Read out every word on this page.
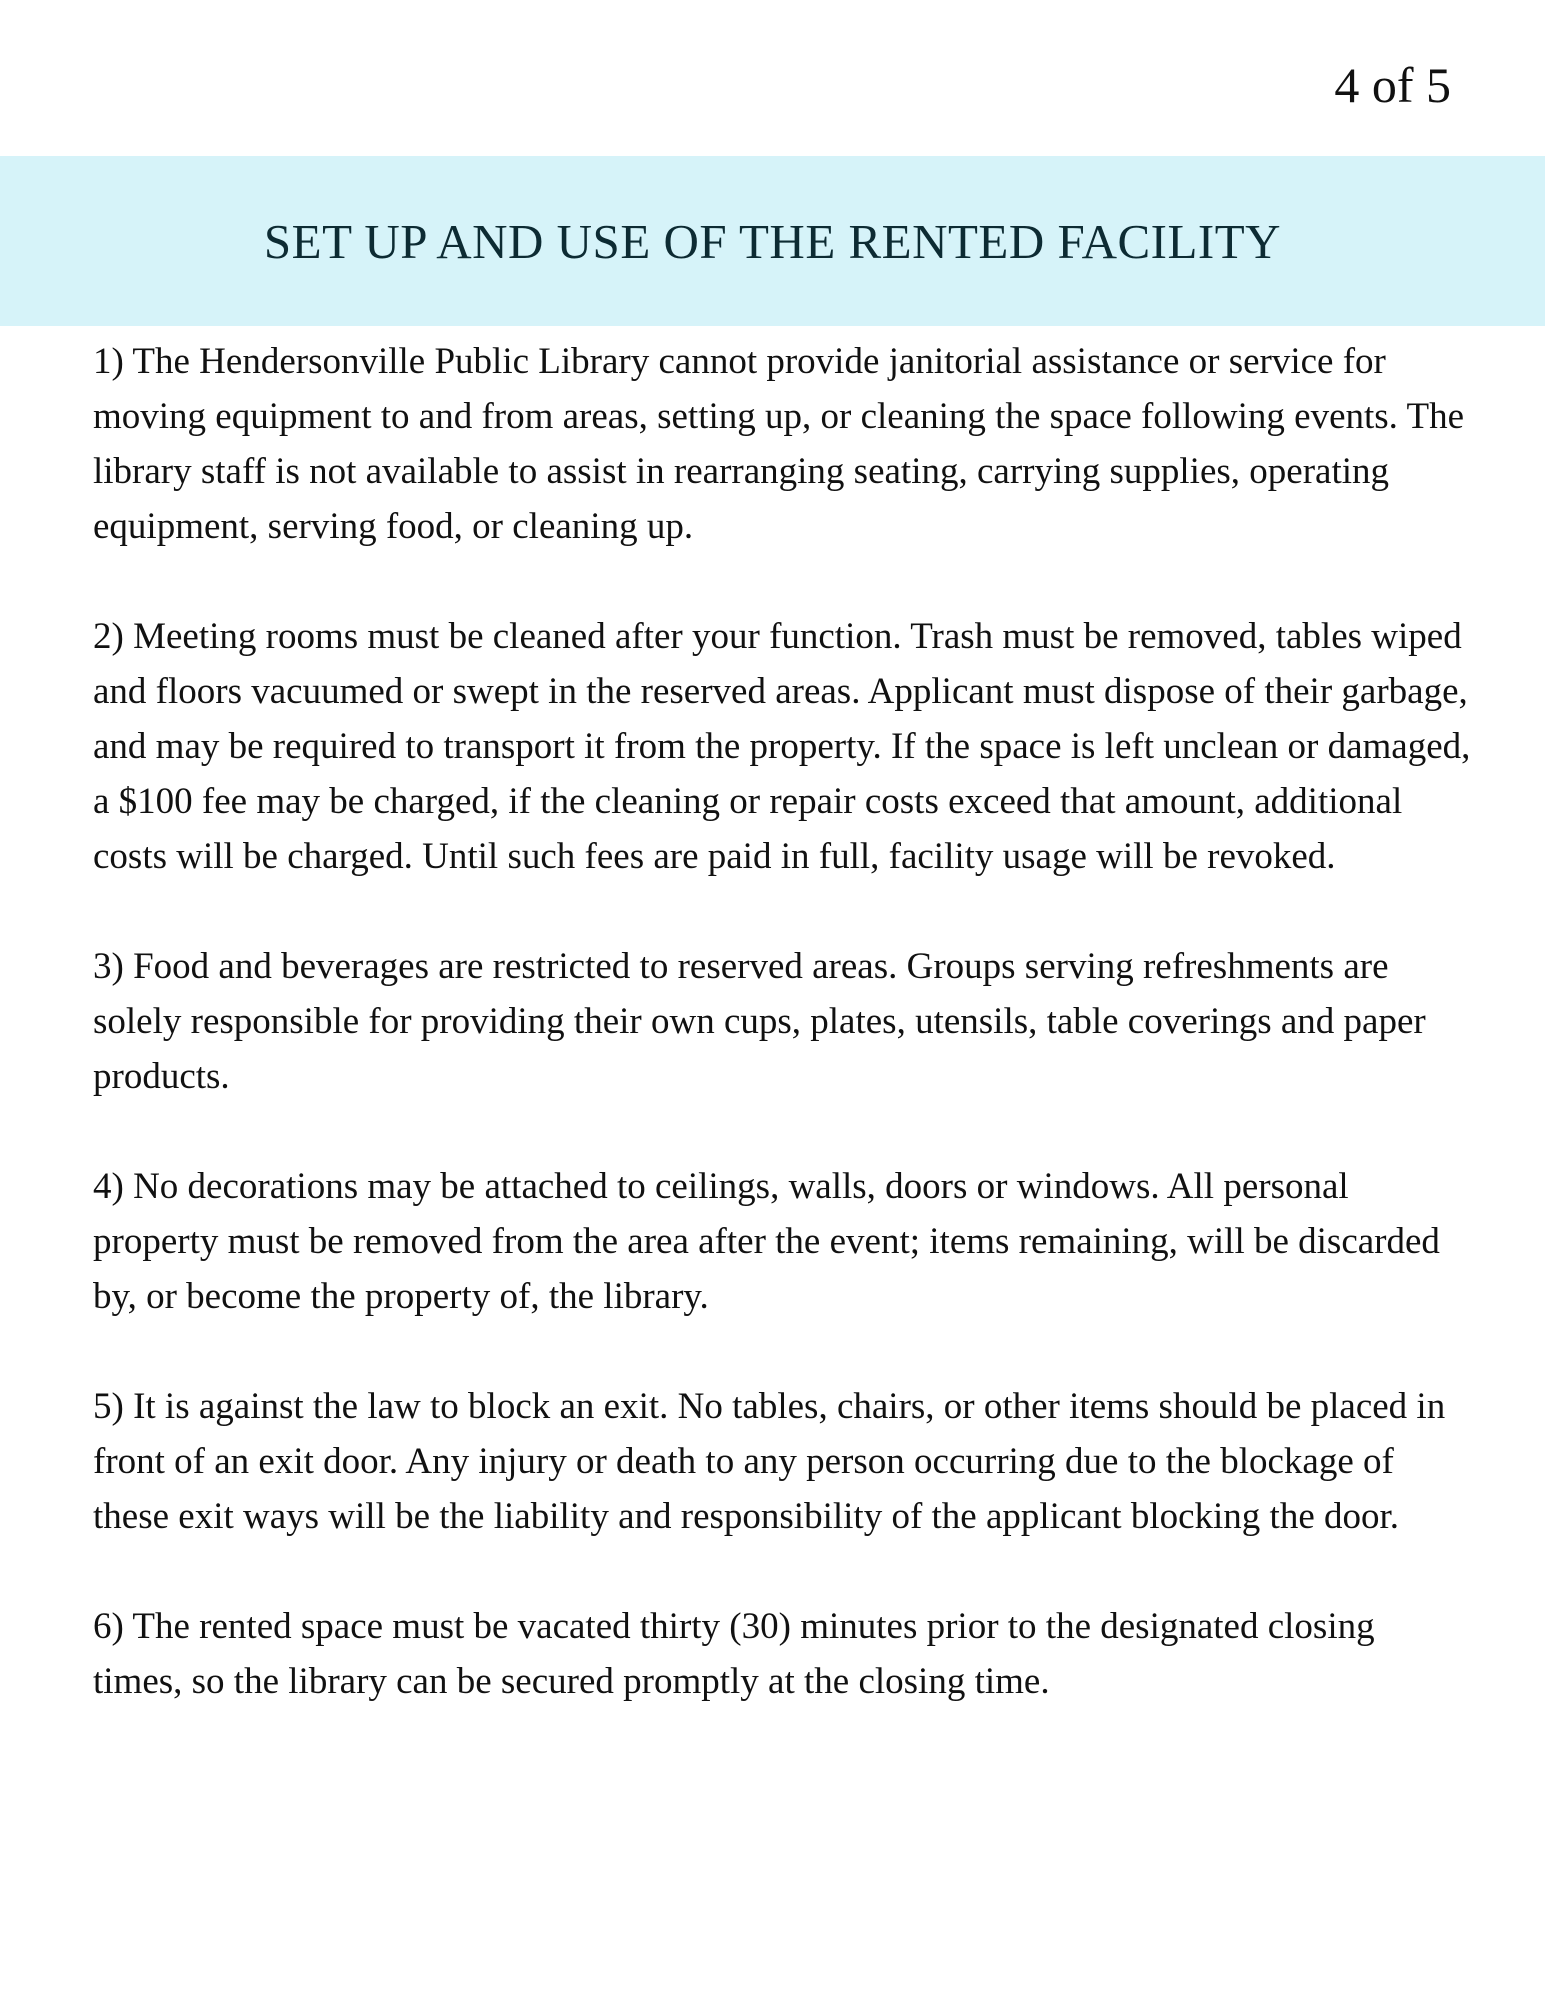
4 of 5
SET UP AND USE OF THE RENTED FACILITY

1) The Hendersonville Public Library cannot provide janitorial assistance or service for moving equipment to and from areas, setting up, or cleaning the space following events. The library staff is not available to assist in rearranging seating, carrying supplies, operating equipment, serving food, or cleaning up.

2) Meeting rooms must be cleaned after your function. Trash must be removed, tables wiped and floors vacuumed or swept in the reserved areas. Applicant must dispose of their garbage, and may be required to transport it from the property. If the space is left unclean or damaged, a $100 fee may be charged, if the cleaning or repair costs exceed that amount, additional costs will be charged. Until such fees are paid in full, facility usage will be revoked.

3) Food and beverages are restricted to reserved areas. Groups serving refreshments are solely responsible for providing their own cups, plates, utensils, table coverings and paper products.

4) No decorations may be attached to ceilings, walls, doors or windows. All personal property must be removed from the area after the event; items remaining, will be discarded by, or become the property of, the library.

5) It is against the law to block an exit. No tables, chairs, or other items should be placed in front of an exit door. Any injury or death to any person occurring due to the blockage of these exit ways will be the liability and responsibility of the applicant blocking the door.

6) The rented space must be vacated thirty (30) minutes prior to the designated closing times, so the library can be secured promptly at the closing time.
